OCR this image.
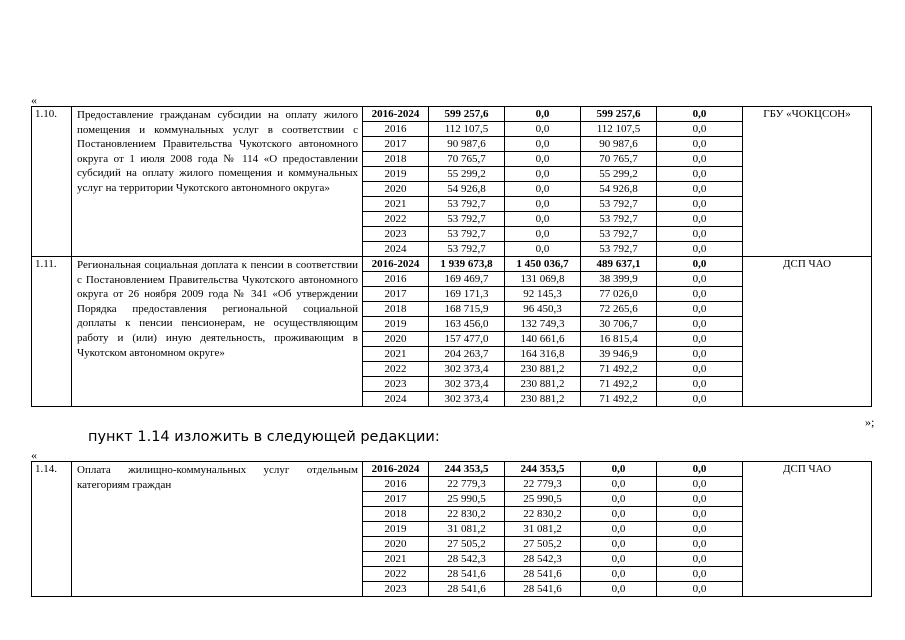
«
1.10.	Предоставление гражданам субсидии на оплату жилого помещения и коммунальных услуг в соответствии с Постановлением Правительства Чукотского автономного округа от 1 июля 2008 года № 114 «О предоставлении субсидий на оплату жилого помещения и коммунальных услуг на территории Чукотского автономного округа»	2016-2024	599 257,6	0,0	599 257,6	0,0	ГБУ «ЧОКЦСОН»
		2016	112 107,5	0,0	112 107,5	0,0	
		2017	90 987,6	0,0	90 987,6	0,0	
		2018	70 765,7	0,0	70 765,7	0,0	
		2019	55 299,2	0,0	55 299,2	0,0	
		2020	54 926,8	0,0	54 926,8	0,0	
		2021	53 792,7	0,0	53 792,7	0,0	
		2022	53 792,7	0,0	53 792,7	0,0	
		2023	53 792,7	0,0	53 792,7	0,0	
		2024	53 792,7	0,0	53 792,7	0,0	
1.11.	Региональная социальная доплата к пенсии в соответствии с Постановлением Правительства Чукотского автономного округа от 26 ноября 2009 года № 341 «Об утверждении Порядка предоставления региональной социальной доплаты к пенсии пенсионерам, не осуществляющим работу и (или) иную деятельность, проживающим в Чукотском автономном округе»	2016-2024	1 939 673,8	1 450 036,7	489 637,1	0,0	ДСП ЧАО
		2016	169 469,7	131 069,8	38 399,9	0,0	
		2017	169 171,3	92 145,3	77 026,0	0,0	
		2018	168 715,9	96 450,3	72 265,6	0,0	
		2019	163 456,0	132 749,3	30 706,7	0,0	
		2020	157 477,0	140 661,6	16 815,4	0,0	
		2021	204 263,7	164 316,8	39 946,9	0,0	
		2022	302 373,4	230 881,2	71 492,2	0,0	
		2023	302 373,4	230 881,2	71 492,2	0,0	
		2024	302 373,4	230 881,2	71 492,2	0,0	
»;
пункт 1.14 изложить в следующей редакции:
«
1.14.	Оплата жилищно-коммунальных услуг отдельным категориям граждан	2016-2024	244 353,5	244 353,5	0,0	0,0	ДСП ЧАО
		2016	22 779,3	22 779,3	0,0	0,0	
		2017	25 990,5	25 990,5	0,0	0,0	
		2018	22 830,2	22 830,2	0,0	0,0	
		2019	31 081,2	31 081,2	0,0	0,0	
		2020	27 505,2	27 505,2	0,0	0,0	
		2021	28 542,3	28 542,3	0,0	0,0	
		2022	28 541,6	28 541,6	0,0	0,0	
		2023	28 541,6	28 541,6	0,0	0,0	
